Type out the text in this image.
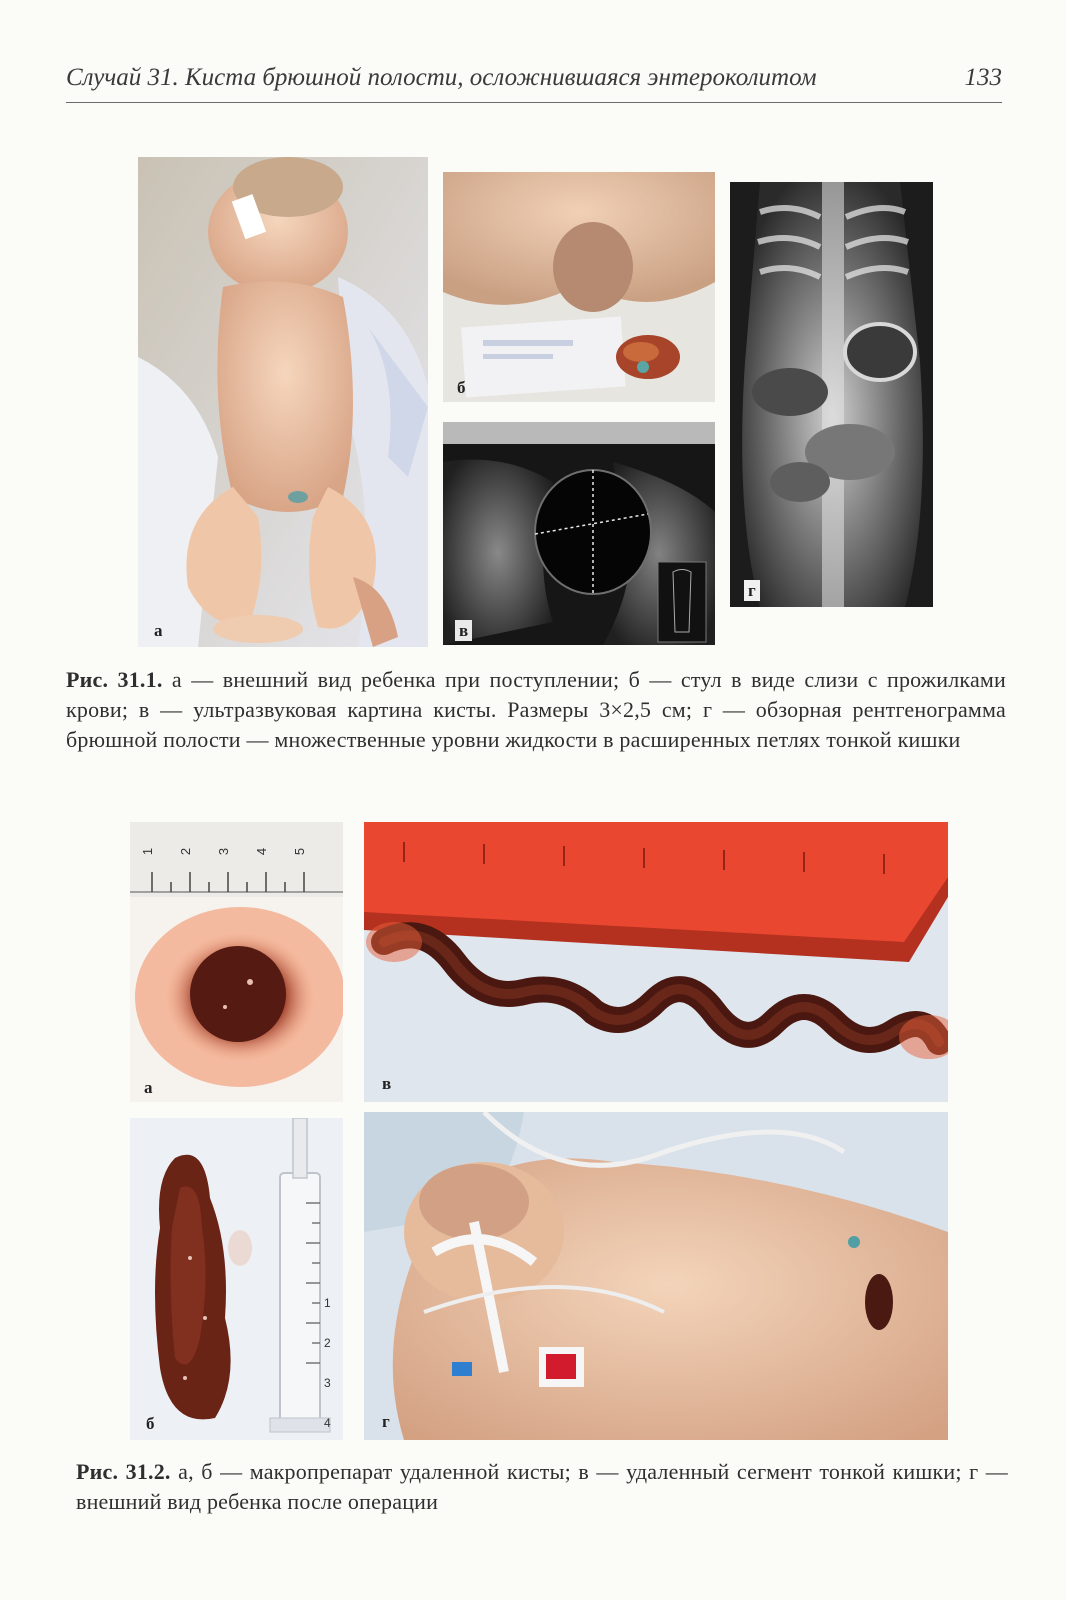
Случай 31. Киста брюшной полости, осложнившаяся энтероколитом	133
а
б
в
г
Рис. 31.1. а — внешний вид ребенка при поступлении; б — стул в виде слизи с прожилками крови; в — ультразвуковая картина кисты. Размеры 3×2,5 см; г — обзорная рентгенограмма брюшной полости — множественные уровни жидкости в расширенных петлях тонкой кишки
1 2 3 4 5
а	в
1
2
3
4
б	г
Рис. 31.2. а, б — макропрепарат удаленной кисты; в — удаленный сегмент тонкой кишки; г — внешний вид ребенка после операции
